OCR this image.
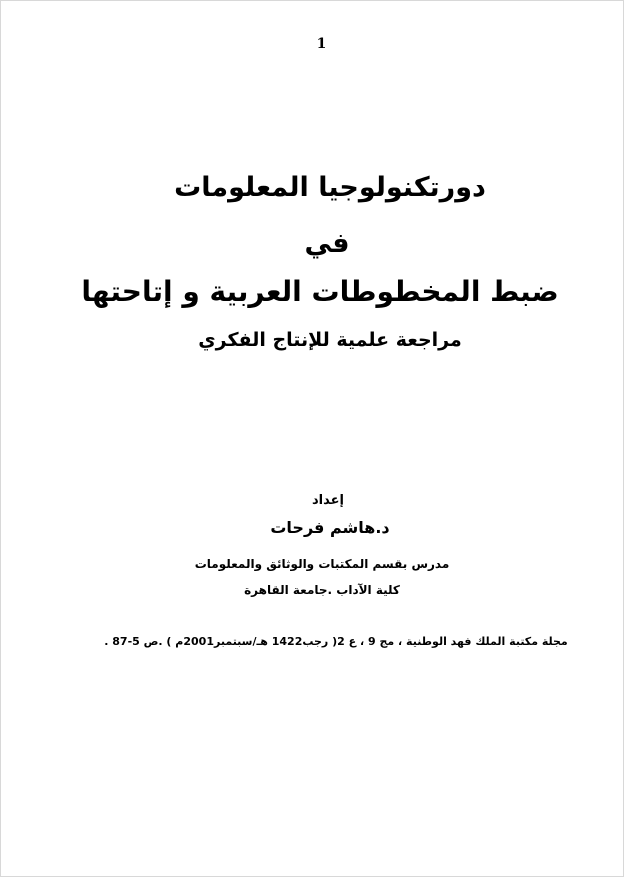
1
دورتكنولوجيا المعلومات
في
ضبط المخطوطات العربية و إتاحتها
مراجعة علمية للإنتاج الفكري
إعداد
د.هاشم فرحات
مدرس بقسم المكتبات والوثائق والمعلومات
كلية الآداب .جامعة القاهرة
مجلة مكتبة الملك فهد الوطنية ، مج 9 ، ع 2( رجب1422 هـ/سبتمبر2001م ) .ص 5-87 .
